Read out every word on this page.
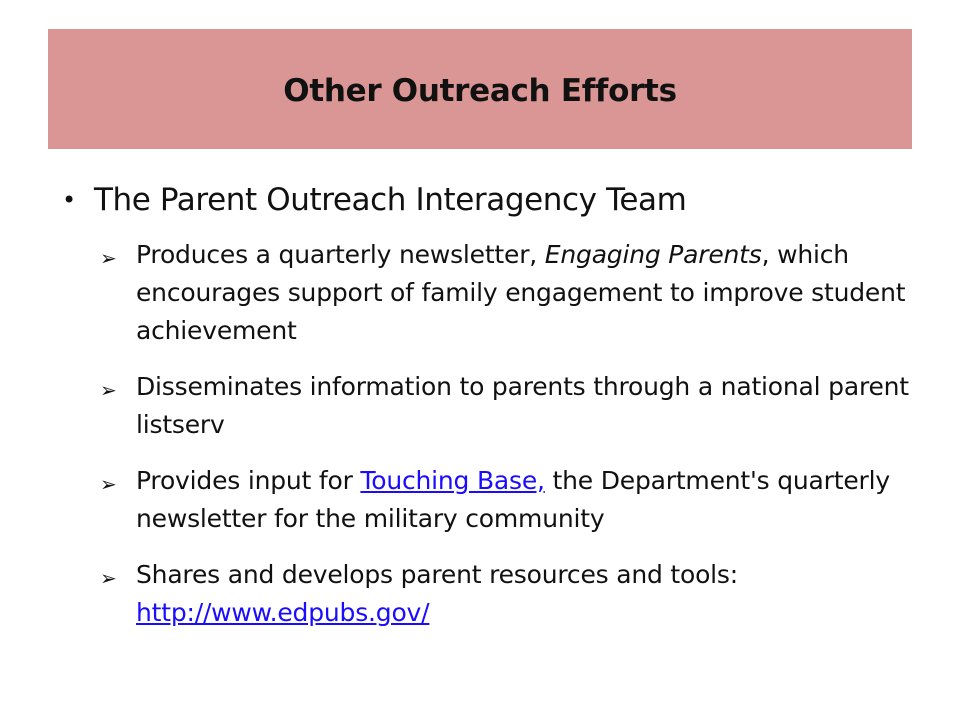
Other Outreach Efforts
• The Parent Outreach Interagency Team
➢ Produces a quarterly newsletter, Engaging Parents, which encourages support of family engagement to improve student achievement
➢ Disseminates information to parents through a national parent listserv
➢ Provides input for Touching Base, the Department's quarterly newsletter for the military community
➢ Shares and develops parent resources and tools: http://www.edpubs.gov/
